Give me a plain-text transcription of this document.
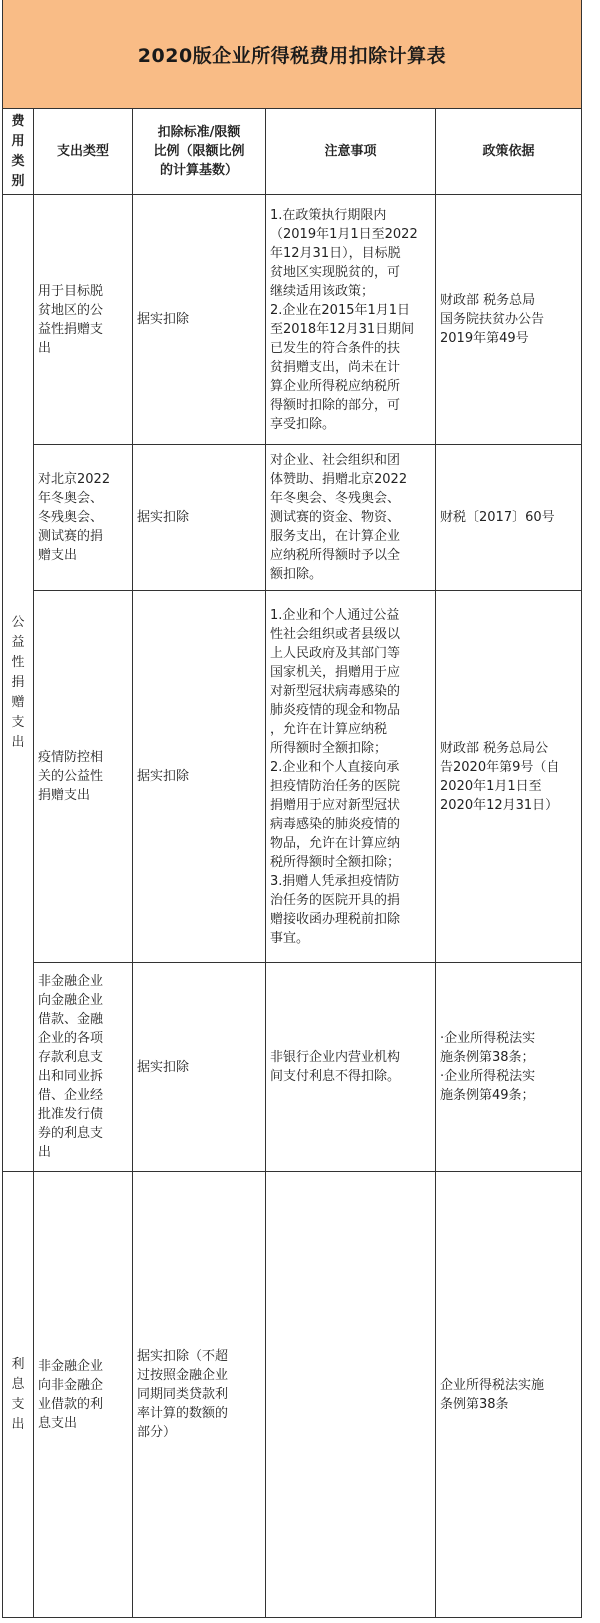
2020版企业所得税费用扣除计算表
费
用
类
别
支出类型
扣除标准/限额
比例（限额比例
的计算基数）
注意事项	政策依据
公
益
性
捐
赠
支
出
利
息
支
出
用于目标脱
贫地区的公
益性捐赠支
出
据实扣除
1.在政策执行期限内
（2019年1月1日至2022
年12月31日），目标脱
贫地区实现脱贫的，可
继续适用该政策；
2.企业在2015年1月1日
至2018年12月31日期间
已发生的符合条件的扶
贫捐赠支出，尚未在计
算企业所得税应纳税所
得额时扣除的部分，可
享受扣除。
财政部 税务总局
国务院扶贫办公告
2019年第49号
对北京2022
年冬奥会、
冬残奥会、
测试赛的捐
赠支出
据实扣除
对企业、社会组织和团
体赞助、捐赠北京2022
年冬奥会、冬残奥会、
测试赛的资金、物资、
服务支出，在计算企业
应纳税所得额时予以全
额扣除。
财税〔2017〕60号
疫情防控相
关的公益性
捐赠支出
据实扣除
1.企业和个人通过公益
性社会组织或者县级以
上人民政府及其部门等
国家机关，捐赠用于应
对新型冠状病毒感染的
肺炎疫情的现金和物品
，允许在计算应纳税
所得额时全额扣除；
2.企业和个人直接向承
担疫情防治任务的医院
捐赠用于应对新型冠状
病毒感染的肺炎疫情的
物品，允许在计算应纳
税所得额时全额扣除；
3.捐赠人凭承担疫情防
治任务的医院开具的捐
赠接收函办理税前扣除
事宜。
财政部 税务总局公
告2020年第9号（自
2020年1月1日至
2020年12月31日）
非金融企业
向金融企业
借款、金融
企业的各项
存款利息支
出和同业拆
借、企业经
批准发行债
券的利息支
出
据实扣除
非银行企业内营业机构
间支付利息不得扣除。
·企业所得税法实
施条例第38条；
·企业所得税法实
施条例第49条；
非金融企业
向非金融企
业借款的利
息支出
据实扣除（不超
过按照金融企业
同期同类贷款利
率计算的数额的
部分）
企业所得税法实施
条例第38条
